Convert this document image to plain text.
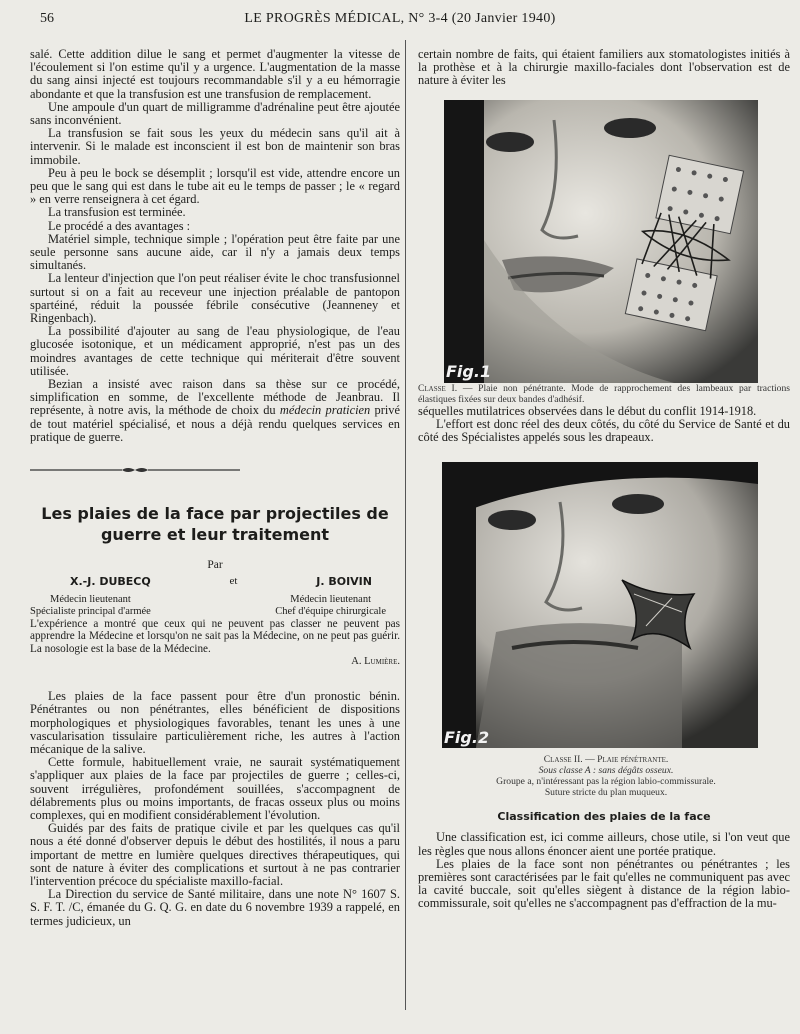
56	LE PROGRÈS MÉDICAL, N° 3-4 (20 Janvier 1940)

salé. Cette addition dilue le sang et permet d'augmenter la vitesse de l'écoulement si l'on estime qu'il y a urgence. L'augmentation de la masse du sang ainsi injecté est toujours recommandable s'il y a eu hémorragie abondante et que la transfusion est une transfusion de remplacement.

Une ampoule d'un quart de milligramme d'adrénaline peut être ajoutée sans inconvénient.

La transfusion se fait sous les yeux du médecin sans qu'il ait à intervenir. Si le malade est inconscient il est bon de maintenir son bras immobile.

Peu à peu le bock se désemplit ; lorsqu'il est vide, attendre encore un peu que le sang qui est dans le tube ait eu le temps de passer ; le « regard » en verre renseignera à cet égard.

La transfusion est terminée.

Le procédé a des avantages :

Matériel simple, technique simple ; l'opération peut être faite par une seule personne sans aucune aide, car il n'y a jamais deux temps simultanés.

La lenteur d'injection que l'on peut réaliser évite le choc transfusionnel surtout si on a fait au receveur une injection préalable de pantopon spartéiné, réduit la poussée fébrile consécutive (Jeanneney et Ringenbach).

La possibilité d'ajouter au sang de l'eau physiologique, de l'eau glucosée isotonique, et un médicament approprié, n'est pas un des moindres avantages de cette technique qui mériterait d'être souvent utilisée.

Bezian a insisté avec raison dans sa thèse sur ce procédé, simplification en somme, de l'excellente méthode de Jeanbrau. Il représente, à notre avis, la méthode de choix du médecin praticien privé de tout matériel spécialisé, et nous a déjà rendu quelques services en pratique de guerre.

Les plaies de la face par projectiles de guerre et leur traitement

Par

X.-J. DUBECQ	et	J. BOIVIN
Médecin lieutenant
Spécialiste principal d'armée
Médecin lieutenant
Chef d'équipe chirurgicale

L'expérience a montré que ceux qui ne peuvent pas classer ne peuvent pas apprendre la Médecine et lorsqu'on ne sait pas la Médecine, on ne peut pas guérir. La nosologie est la base de la Médecine.

A. Lumière.

Les plaies de la face passent pour être d'un pronostic bénin. Pénétrantes ou non pénétrantes, elles bénéficient de dispositions morphologiques et physiologiques favorables, tenant les unes à une vascularisation tissulaire particulièrement riche, les autres à l'action mécanique de la salive.

Cette formule, habituellement vraie, ne saurait systématiquement s'appliquer aux plaies de la face par projectiles de guerre ; celles-ci, souvent irrégulières, profondément souillées, s'accompagnent de délabrements plus ou moins importants, de fracas osseux plus ou moins complexes, qui en modifient considérablement l'évolution.

Guidés par des faits de pratique civile et par les quelques cas qu'il nous a été donné d'observer depuis le début des hostilités, il nous a paru important de mettre en lumière quelques directives thérapeutiques, qui sont de nature à éviter des complications et surtout à ne pas contrarier l'intervention précoce du spécialiste maxillo-facial.

La Direction du service de Santé militaire, dans une note N° 1607 S. S. F. T. /C, émanée du G. Q. G. en date du 6 novembre 1939 a rappelé, en termes judicieux, un

certain nombre de faits, qui étaient familiers aux stomatologistes initiés à la prothèse et à la chirurgie maxillo-faciales dont l'observation est de nature à éviter les

Fig.1

Classe I. — Plaie non pénétrante. Mode de rapprochement des lambeaux par tractions élastiques fixées sur deux bandes d'adhésif.

séquelles mutilatrices observées dans le début du conflit 1914-1918.

L'effort est donc réel des deux côtés, du côté du Service de Santé et du côté des Spécialistes appelés sous les drapeaux.

Fig.2
Classe II. — Plaie pénétrante.
Sous classe A : sans dégâts osseux.
Groupe a, n'intéressant pas la région labio-commissurale.
Suture stricte du plan muqueux.
Classification des plaies de la face

Une classification est, ici comme ailleurs, chose utile, si l'on veut que les règles que nous allons énoncer aient une portée pratique.

Les plaies de la face sont non pénétrantes ou pénétrantes ; les premières sont caractérisées par le fait qu'elles ne communiquent pas avec la cavité buccale, soit qu'elles siègent à distance de la région labio-commissurale, soit qu'elles ne s'accompagnent pas d'effraction de la mu-
